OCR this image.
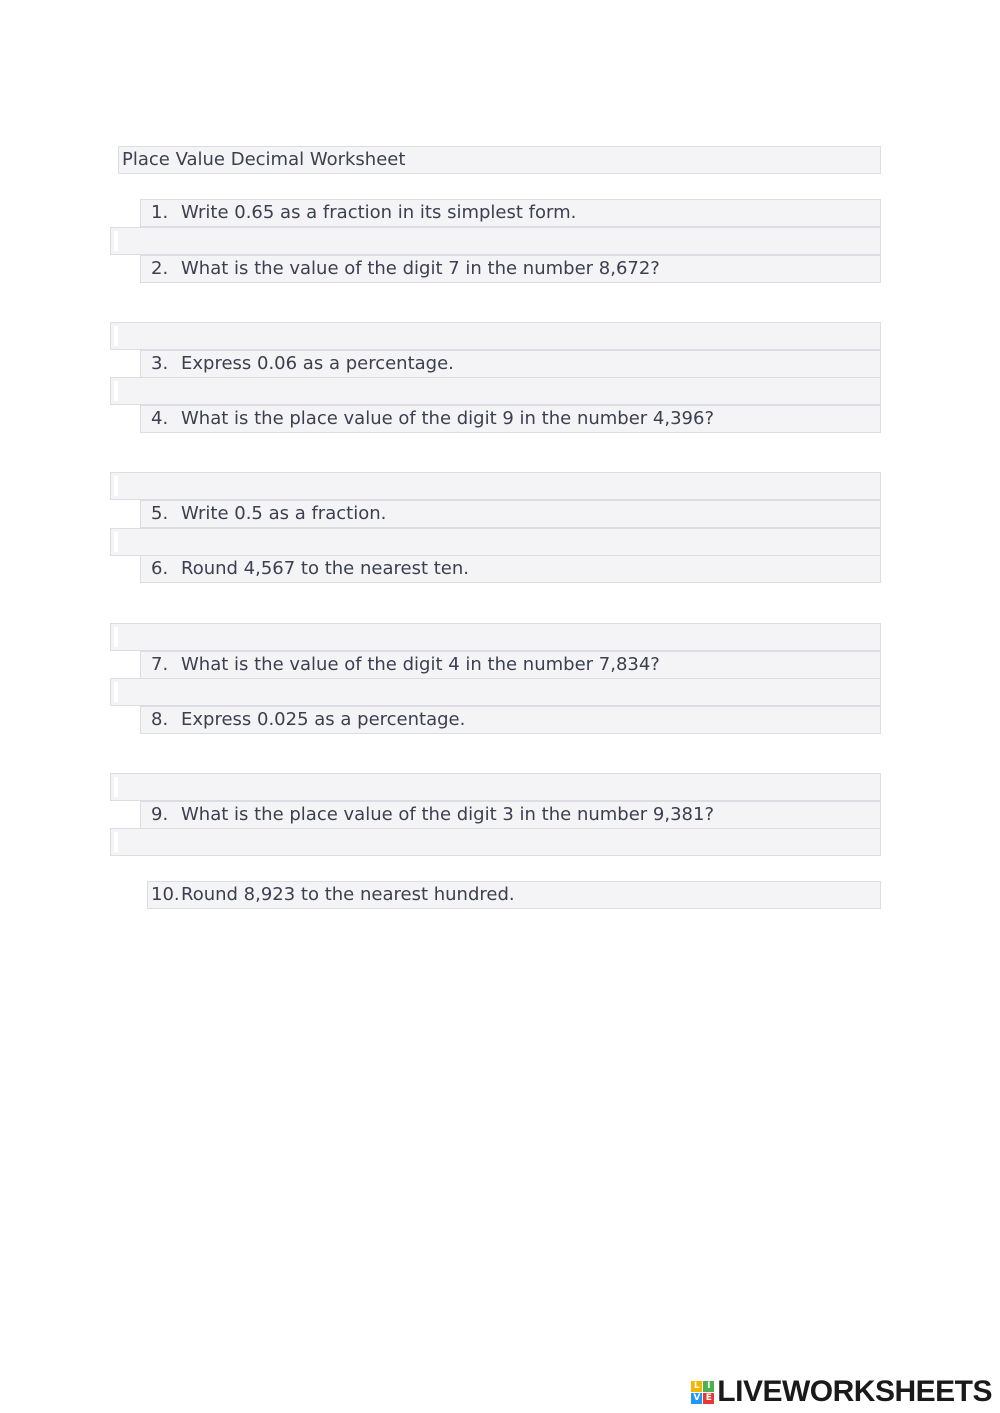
Place Value Decimal Worksheet
1. Write 0.65 as a fraction in its simplest form.
2. What is the value of the digit 7 in the number 8,672?
3. Express 0.06 as a percentage.
4. What is the place value of the digit 9 in the number 4,396?
5. Write 0.5 as a fraction.
6. Round 4,567 to the nearest ten.
7. What is the value of the digit 4 in the number 7,834?
8. Express 0.025 as a percentage.
9. What is the place value of the digit 3 in the number 9,381?
10. Round 8,923 to the nearest hundred.
L I
V E LIVEWORKSHEETS
